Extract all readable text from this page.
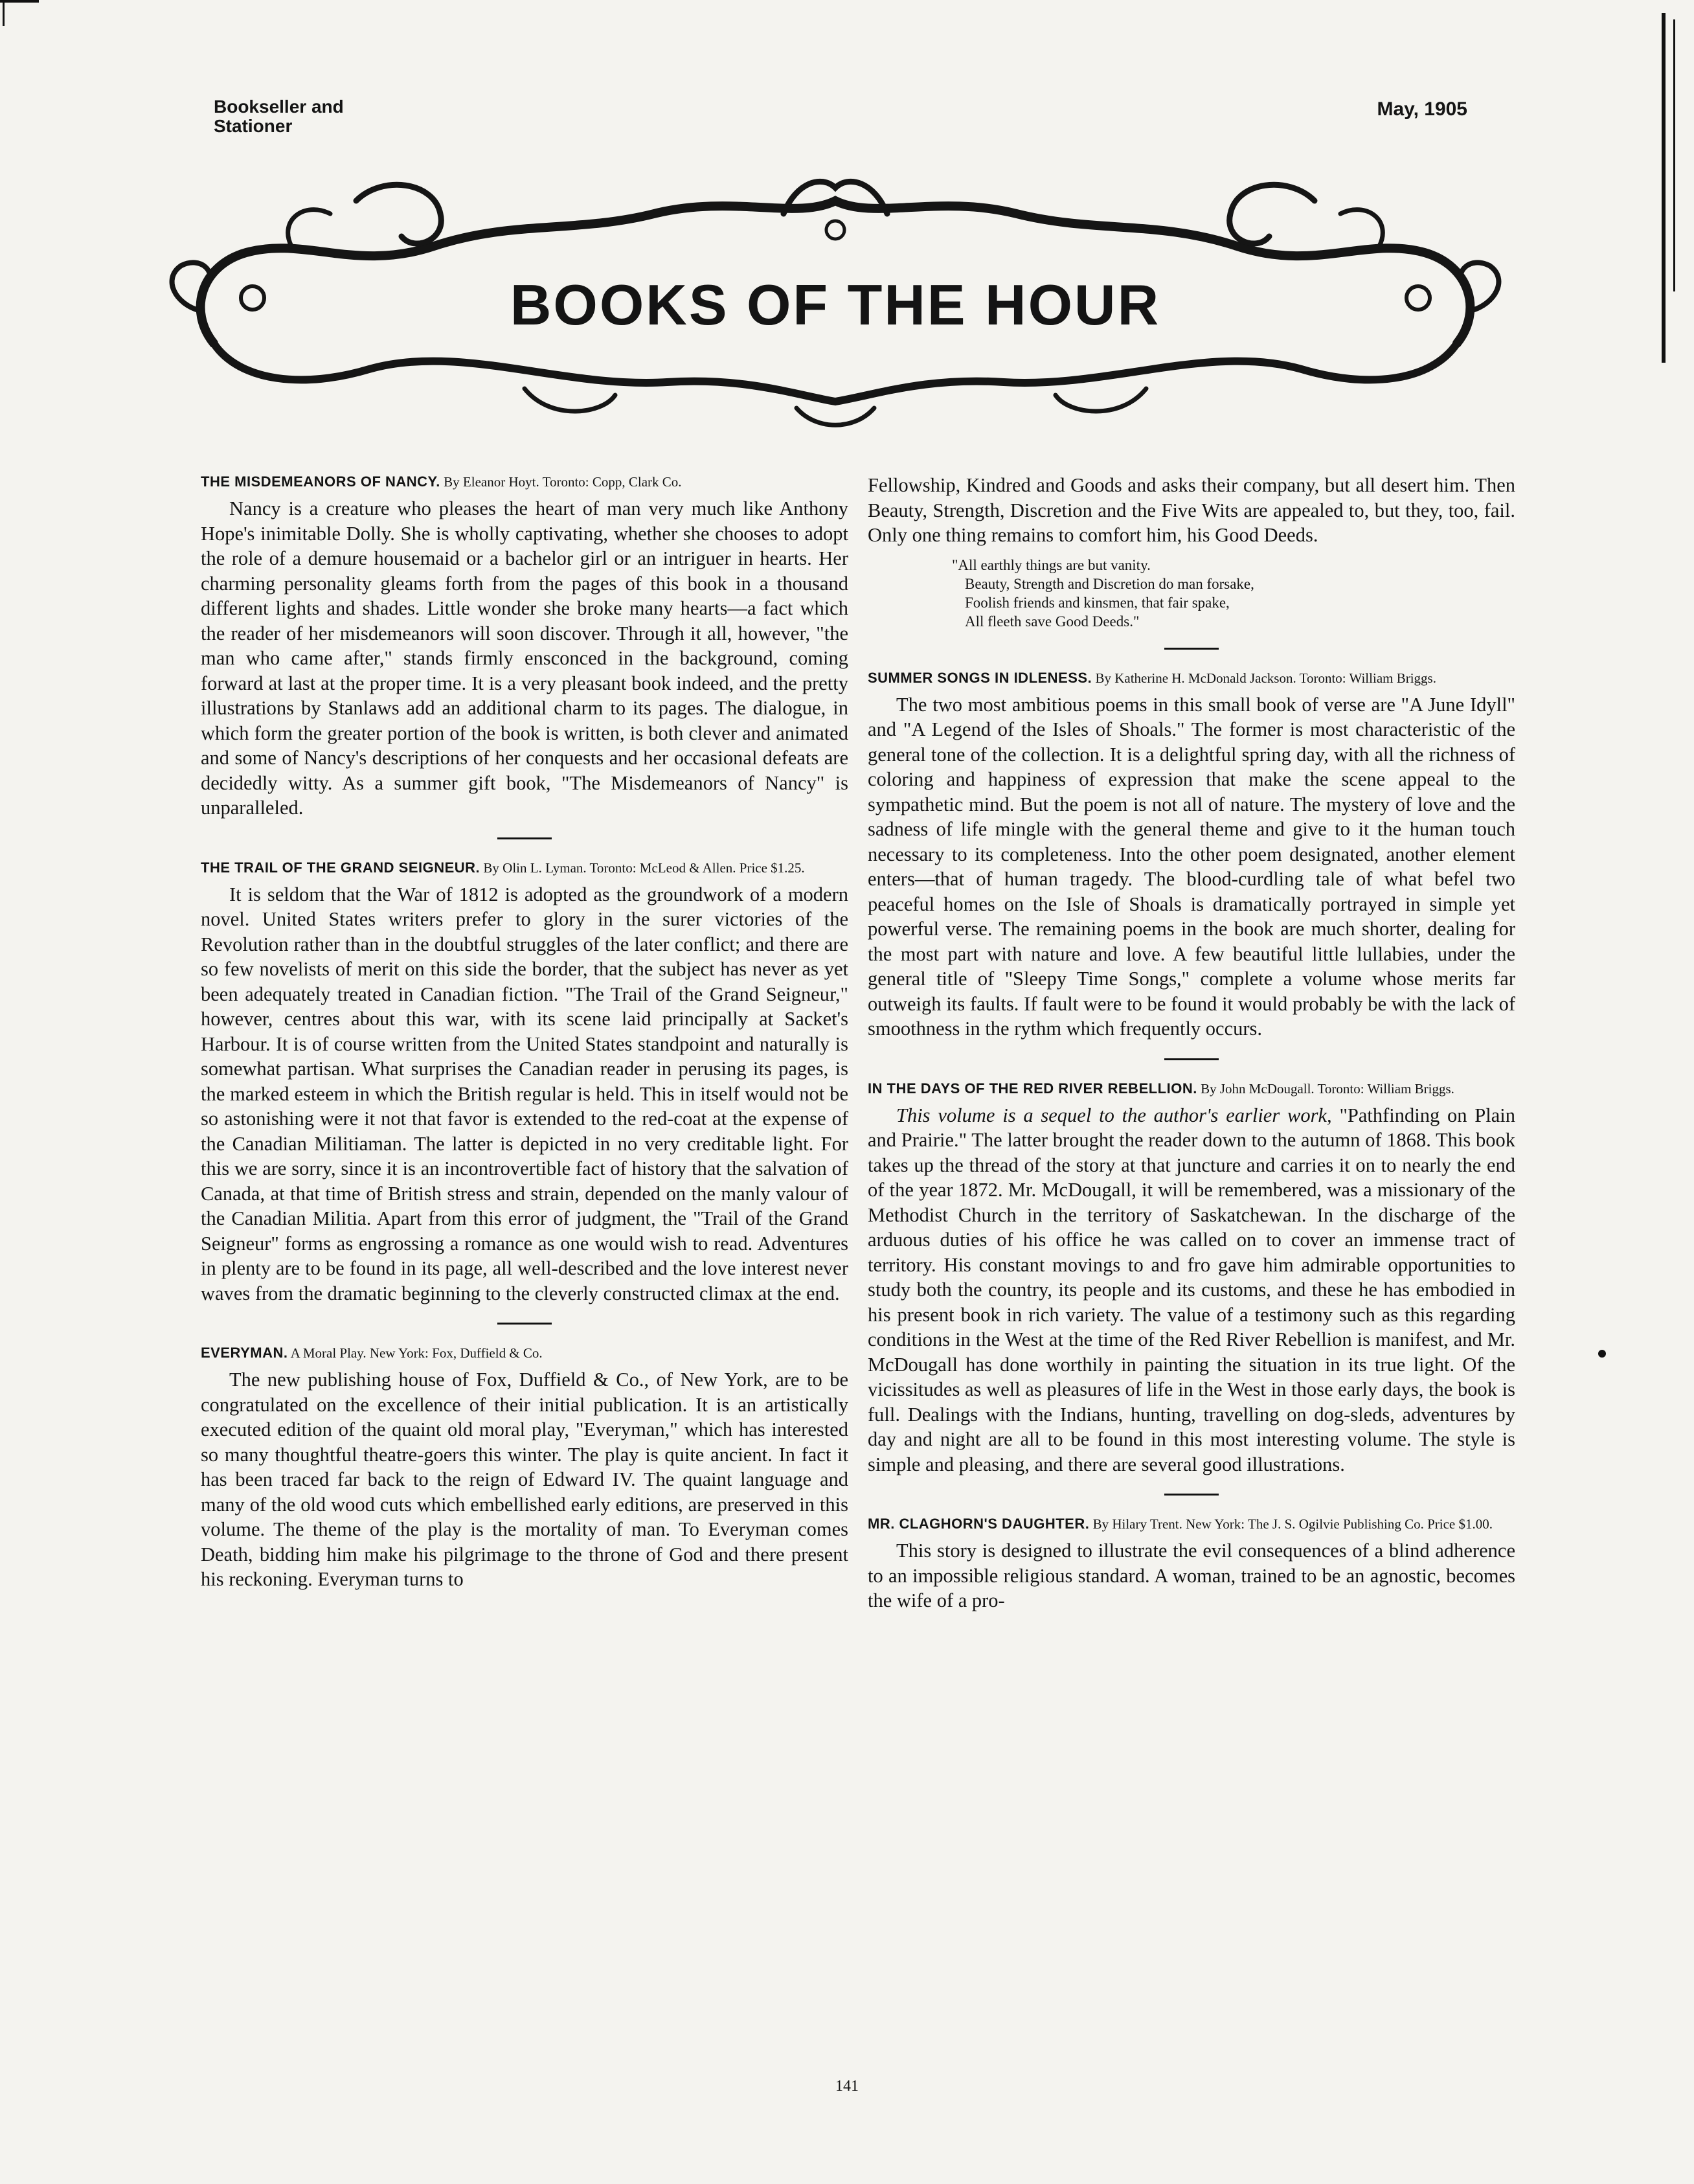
Bookseller and
Stationer
May, 1905
BOOKS OF THE HOUR
THE MISDEMEANORS OF NANCY. By Eleanor Hoyt. Toronto: Copp, Clark Co.

Nancy is a creature who pleases the heart of man very much like Anthony Hope's inimitable Dolly. She is wholly captivating, whether she chooses to adopt the role of a demure housemaid or a bachelor girl or an intriguer in hearts. Her charming personality gleams forth from the pages of this book in a thousand different lights and shades. Little wonder she broke many hearts—a fact which the reader of her misdemeanors will soon discover. Through it all, however, "the man who came after," stands firmly ensconced in the background, coming forward at last at the proper time. It is a very pleasant book indeed, and the pretty illustrations by Stanlaws add an additional charm to its pages. The dialogue, in which form the greater portion of the book is written, is both clever and animated and some of Nancy's descriptions of her conquests and her occasional defeats are decidedly witty. As a summer gift book, "The Misdemeanors of Nancy" is unparalleled.

THE TRAIL OF THE GRAND SEIGNEUR. By Olin L. Lyman. Toronto: McLeod & Allen. Price $1.25.

It is seldom that the War of 1812 is adopted as the groundwork of a modern novel. United States writers prefer to glory in the surer victories of the Revolution rather than in the doubtful struggles of the later conflict; and there are so few novelists of merit on this side the border, that the subject has never as yet been adequately treated in Canadian fiction. "The Trail of the Grand Seigneur," however, centres about this war, with its scene laid principally at Sacket's Harbour. It is of course written from the United States standpoint and naturally is somewhat partisan. What surprises the Canadian reader in perusing its pages, is the marked esteem in which the British regular is held. This in itself would not be so astonishing were it not that favor is extended to the red-coat at the expense of the Canadian Militiaman. The latter is depicted in no very creditable light. For this we are sorry, since it is an incontrovertible fact of history that the salvation of Canada, at that time of British stress and strain, depended on the manly valour of the Canadian Militia. Apart from this error of judgment, the "Trail of the Grand Seigneur" forms as engrossing a romance as one would wish to read. Adventures in plenty are to be found in its page, all well-described and the love interest never waves from the dramatic beginning to the cleverly constructed climax at the end.

EVERYMAN. A Moral Play. New York: Fox, Duffield & Co.

The new publishing house of Fox, Duffield & Co., of New York, are to be congratulated on the excellence of their initial publication. It is an artistically executed edition of the quaint old moral play, "Everyman," which has interested so many thoughtful theatre-goers this winter. The play is quite ancient. In fact it has been traced far back to the reign of Edward IV. The quaint language and many of the old wood cuts which embellished early editions, are preserved in this volume. The theme of the play is the mortality of man. To Everyman comes Death, bidding him make his pilgrimage to the throne of God and there present his reckoning. Everyman turns to

Fellowship, Kindred and Goods and asks their company, but all desert him. Then Beauty, Strength, Discretion and the Five Wits are appealed to, but they, too, fail. Only one thing remains to comfort him, his Good Deeds.

"All earthly things are but vanity.
Beauty, Strength and Discretion do man forsake,
Foolish friends and kinsmen, that fair spake,
All fleeth save Good Deeds."
SUMMER SONGS IN IDLENESS. By Katherine H. McDonald Jackson. Toronto: William Briggs.

The two most ambitious poems in this small book of verse are "A June Idyll" and "A Legend of the Isles of Shoals." The former is most characteristic of the general tone of the collection. It is a delightful spring day, with all the richness of coloring and happiness of expression that make the scene appeal to the sympathetic mind. But the poem is not all of nature. The mystery of love and the sadness of life mingle with the general theme and give to it the human touch necessary to its completeness. Into the other poem designated, another element enters—that of human tragedy. The blood-curdling tale of what befel two peaceful homes on the Isle of Shoals is dramatically portrayed in simple yet powerful verse. The remaining poems in the book are much shorter, dealing for the most part with nature and love. A few beautiful little lullabies, under the general title of "Sleepy Time Songs," complete a volume whose merits far outweigh its faults. If fault were to be found it would probably be with the lack of smoothness in the rythm which frequently occurs.

IN THE DAYS OF THE RED RIVER REBELLION. By John McDougall. Toronto: William Briggs.

This volume is a sequel to the author's earlier work, "Pathfinding on Plain and Prairie." The latter brought the reader down to the autumn of 1868. This book takes up the thread of the story at that juncture and carries it on to nearly the end of the year 1872. Mr. McDougall, it will be remembered, was a missionary of the Methodist Church in the territory of Saskatchewan. In the discharge of the arduous duties of his office he was called on to cover an immense tract of territory. His constant movings to and fro gave him admirable opportunities to study both the country, its people and its customs, and these he has embodied in his present book in rich variety. The value of a testimony such as this regarding conditions in the West at the time of the Red River Rebellion is manifest, and Mr. McDougall has done worthily in painting the situation in its true light. Of the vicissitudes as well as pleasures of life in the West in those early days, the book is full. Dealings with the Indians, hunting, travelling on dog-sleds, adventures by day and night are all to be found in this most interesting volume. The style is simple and pleasing, and there are several good illustrations.

MR. CLAGHORN'S DAUGHTER. By Hilary Trent. New York: The J. S. Ogilvie Publishing Co. Price $1.00.

This story is designed to illustrate the evil consequences of a blind adherence to an impossible religious standard. A woman, trained to be an agnostic, becomes the wife of a pro-

141
